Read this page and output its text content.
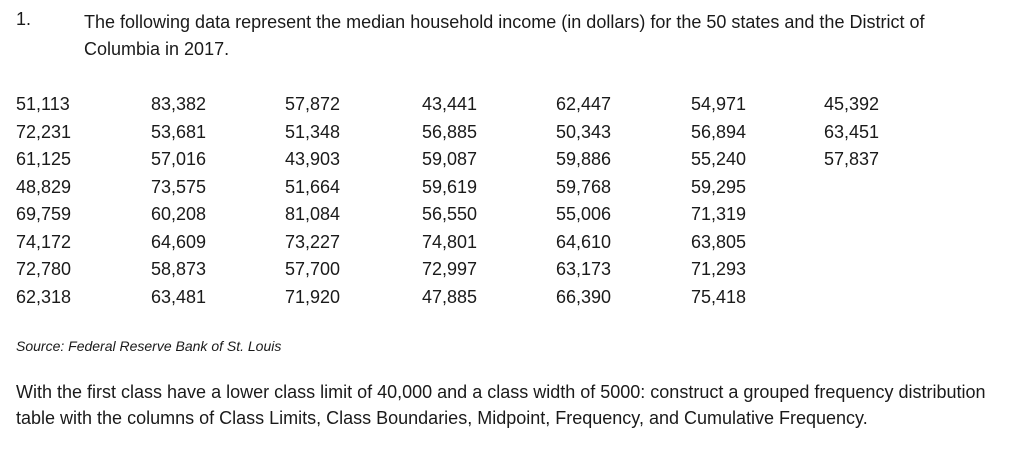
1.	The following data represent the median household income (in dollars) for the 50 states and the District of Columbia in 2017.
51,113
72,231
61,125
48,829
69,759
74,172
72,780
62,318
83,382
53,681
57,016
73,575
60,208
64,609
58,873
63,481
57,872
51,348
43,903
51,664
81,084
73,227
57,700
71,920
43,441
56,885
59,087
59,619
56,550
74,801
72,997
47,885
62,447
50,343
59,886
59,768
55,006
64,610
63,173
66,390
54,971
56,894
55,240
59,295
71,319
63,805
71,293
75,418
45,392
63,451
57,837
Source: Federal Reserve Bank of St. Louis
With the first class have a lower class limit of 40,000 and a class width of 5000: construct a grouped frequency distribution table with the columns of Class Limits, Class Boundaries, Midpoint, Frequency, and Cumulative Frequency.
